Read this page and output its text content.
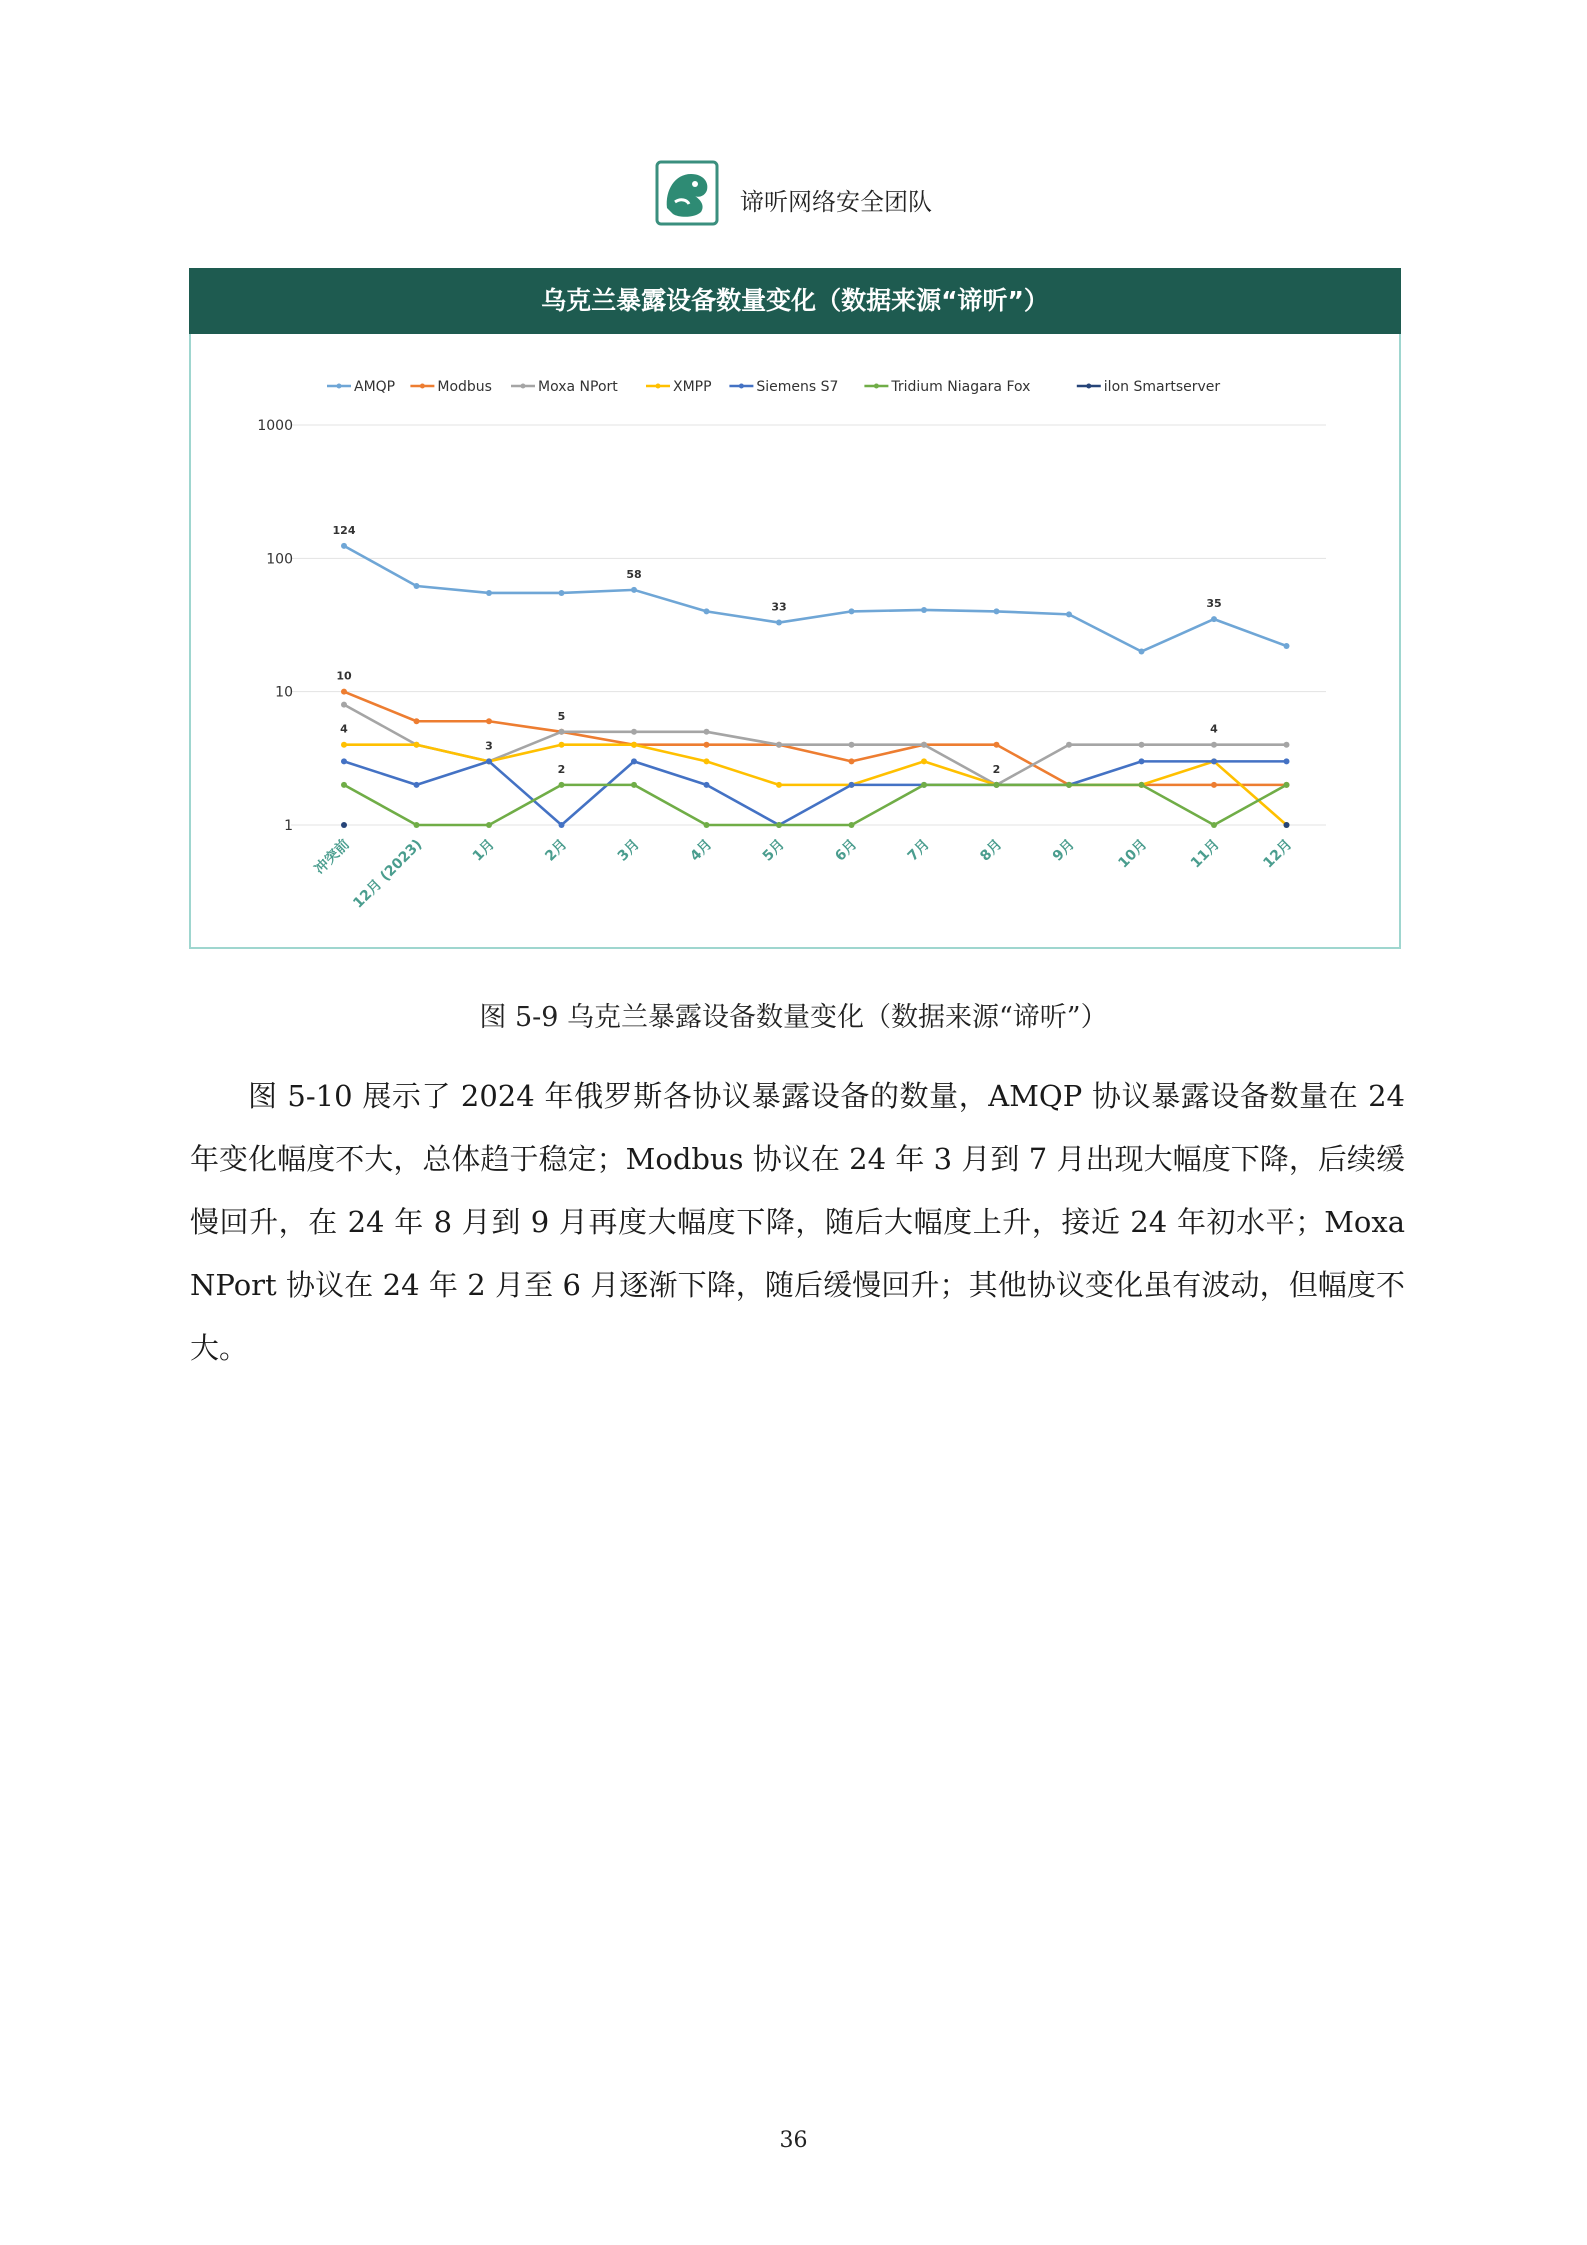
谛听网络安全团队
乌克兰暴露设备数量变化（数据来源“谛听”）
1
10
100
1000
冲突前
12月 (2023)	1月	2月	3月	4月	5月	6月	7月	8月	9月	10月	11月	12月
AMQP	Modbus	Moxa NPort	XMPP	Siemens S7	Tridium Niagara Fox	ilon Smartserver
124
58
33	35
10
4
3
5
2	2
4
图 5-9 乌克兰暴露设备数量变化（数据来源“谛听”）

图 5-10 展示了 2024 年俄罗斯各协议暴露设备的数量，AMQP 协议暴露设备数量在 24 年变化幅度不大，总体趋于稳定；Modbus 协议在 24 年 3 月到 7 月出现大幅度下降，后续缓慢回升，在 24 年 8 月到 9 月再度大幅度下降，随后大幅度上升，接近 24 年初水平；Moxa NPort 协议在 24 年 2 月至 6 月逐渐下降，随后缓慢回升；其他协议变化虽有波动，但幅度不大。

36
